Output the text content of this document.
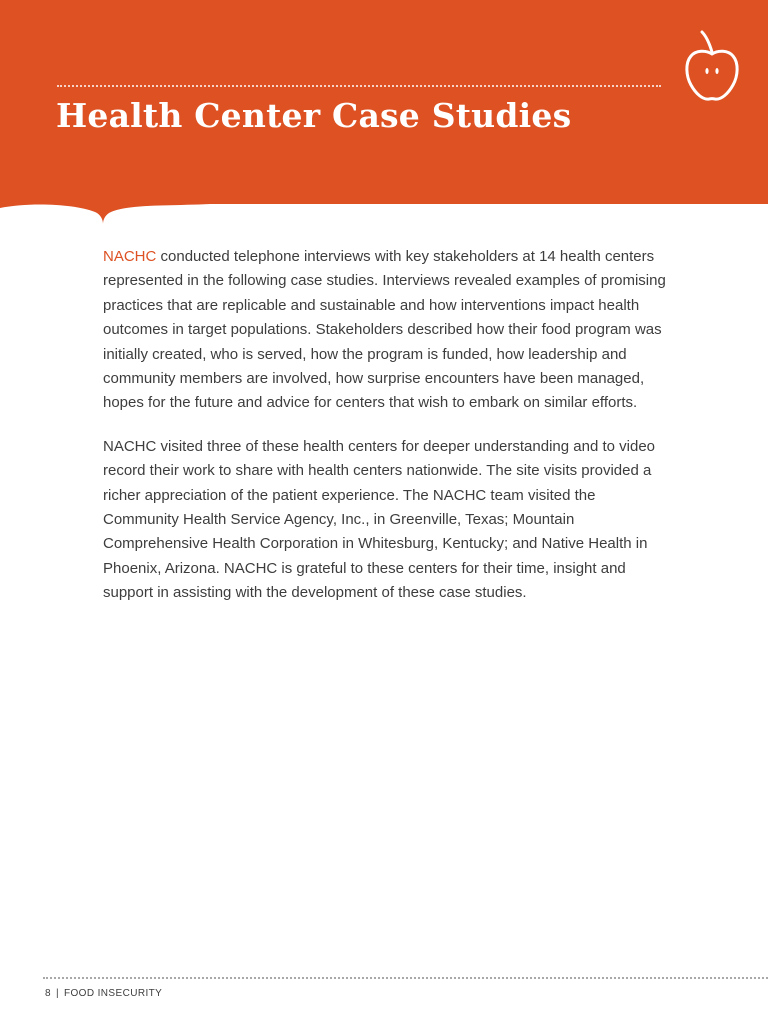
Health Center Case Studies

NACHC conducted telephone interviews with key stakeholders at 14 health centers represented in the following case studies. Interviews revealed examples of promising practices that are replicable and sustainable and how interventions impact health outcomes in target populations. Stakeholders described how their food program was initially created, who is served, how the program is funded, how leadership and community members are involved, how surprise encounters have been managed, hopes for the future and advice for centers that wish to embark on similar efforts.

NACHC visited three of these health centers for deeper understanding and to video record their work to share with health centers nationwide. The site visits provided a richer appreciation of the patient experience. The NACHC team visited the Community Health Service Agency, Inc., in Greenville, Texas; Mountain Comprehensive Health Corporation in Whitesburg, Kentucky; and Native Health in Phoenix, Arizona. NACHC is grateful to these centers for their time, insight and support in assisting with the development of these case studies.

8 | FOOD INSECURITY
